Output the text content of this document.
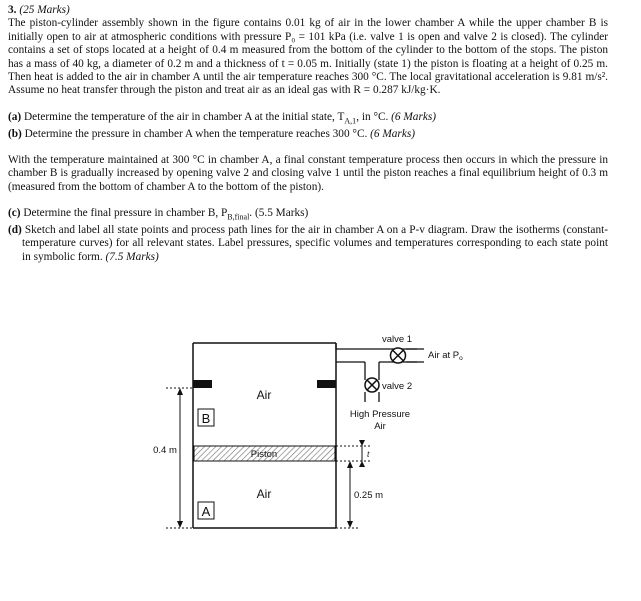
3. (25 Marks)

The piston-cylinder assembly shown in the figure contains 0.01 kg of air in the lower chamber A while the upper chamber B is initially open to air at atmospheric conditions with pressure P₀ = 101 kPa (i.e. valve 1 is open and valve 2 is closed). The cylinder contains a set of stops located at a height of 0.4 m measured from the bottom of the cylinder to the bottom of the stops. The piston has a mass of 40 kg, a diameter of 0.2 m and a thickness of t = 0.05 m. Initially (state 1) the piston is floating at a height of 0.25 m. Then heat is added to the air in chamber A until the air temperature reaches 300 °C. The local gravitational acceleration is 9.81 m/s². Assume no heat transfer through the piston and treat air as an ideal gas with R = 0.287 kJ/kg·K.

(a) Determine the temperature of the air in chamber A at the initial state, $T_{A,1}$, in °C. (6 Marks)

(b) Determine the pressure in chamber A when the temperature reaches 300 °C. (6 Marks)

With the temperature maintained at 300 °C in chamber A, a final constant temperature process then occurs in which the pressure in chamber B is gradually increased by opening valve 2 and closing valve 1 until the piston reaches a final equilibrium height of 0.3 m (measured from the bottom of chamber A to the bottom of the piston).

(c) Determine the final pressure in chamber B, $P_{B,final}$. (5.5 Marks)

(d) Sketch and label all state points and process path lines for the air in chamber A on a P-v diagram. Draw the isotherms (constant-temperature curves) for all relevant states. Label pressures, specific volumes and temperatures corresponding to each state point in symbolic form. (7.5 Marks)

Piston
B
A
Air
Air
0.4 m
0.25 m
t
valve 1
Air at $P_o$
valve 2
High Pressure Air
